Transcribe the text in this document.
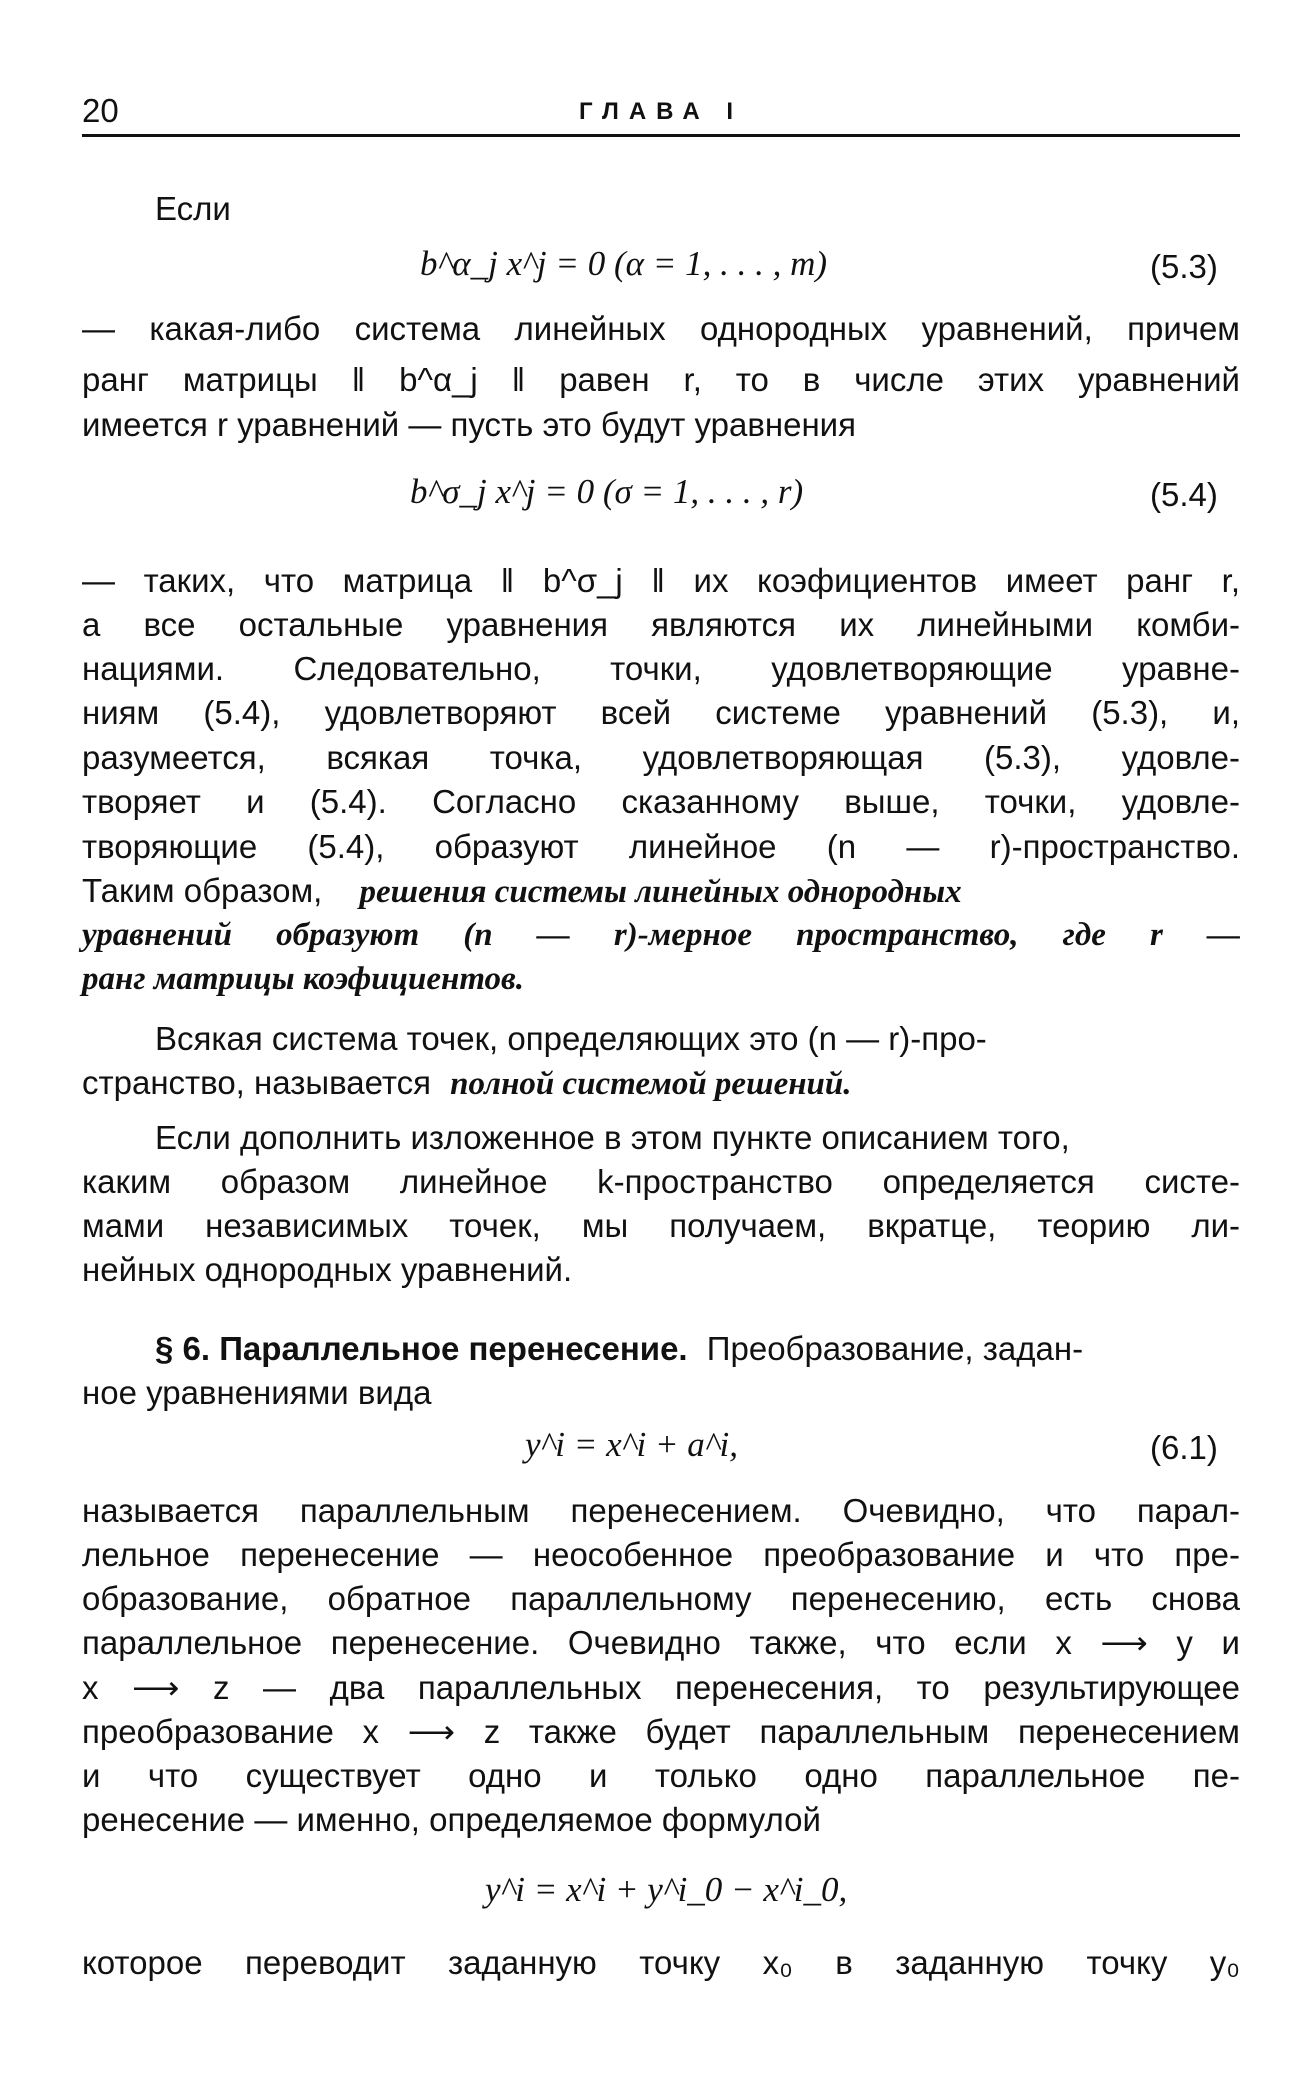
20	ГЛАВА I
Если
b^α_j x^j = 0 (α = 1, . . . , m)	(5.3)
— какая-либо система линейных однородных уравнений, причем
ранг матрицы ‖ b^α_j ‖ равен r, то в числе этих уравнений
имеется r уравнений — пусть это будут уравнения
b^σ_j x^j = 0 (σ = 1, . . . , r)	(5.4)
— таких, что матрица ‖ b^σ_j ‖ их коэфициентов имеет ранг r,
а все остальные уравнения являются их линейными комби-
нациями. Следовательно, точки, удовлетворяющие уравне-
ниям (5.4), удовлетворяют всей системе уравнений (5.3), и,
разумеется, всякая точка, удовлетворяющая (5.3), удовле-
творяет и (5.4). Согласно сказанному выше, точки, удовле-
творяющие (5.4), образуют линейное (n — r)-пространство.
Таким образом, решения системы линейных однородных
уравнений образуют (n — r)-мерное пространство, где r —
ранг матрицы коэфициентов.
Всякая система точек, определяющих это (n — r)-про-
странство, называется полной системой решений.
Если дополнить изложенное в этом пункте описанием того,
каким образом линейное k-пространство определяется систе-
мами независимых точек, мы получаем, вкратце, теорию ли-
нейных однородных уравнений.
§ 6. Параллельное перенесение. Преобразование, задан-
ное уравнениями вида
y^i = x^i + a^i,	(6.1)
называется параллельным перенесением. Очевидно, что парал-
лельное перенесение — неособенное преобразование и что пре-
образование, обратное параллельному перенесению, есть снова
параллельное перенесение. Очевидно также, что если x ⟶ y и
x ⟶ z — два параллельных перенесения, то результирующее
преобразование x ⟶ z также будет параллельным перенесением
и что существует одно и только одно параллельное пе-
ренесение — именно, определяемое формулой
y^i = x^i + y^i_0 − x^i_0,
которое переводит заданную точку x₀ в заданную точку y₀
